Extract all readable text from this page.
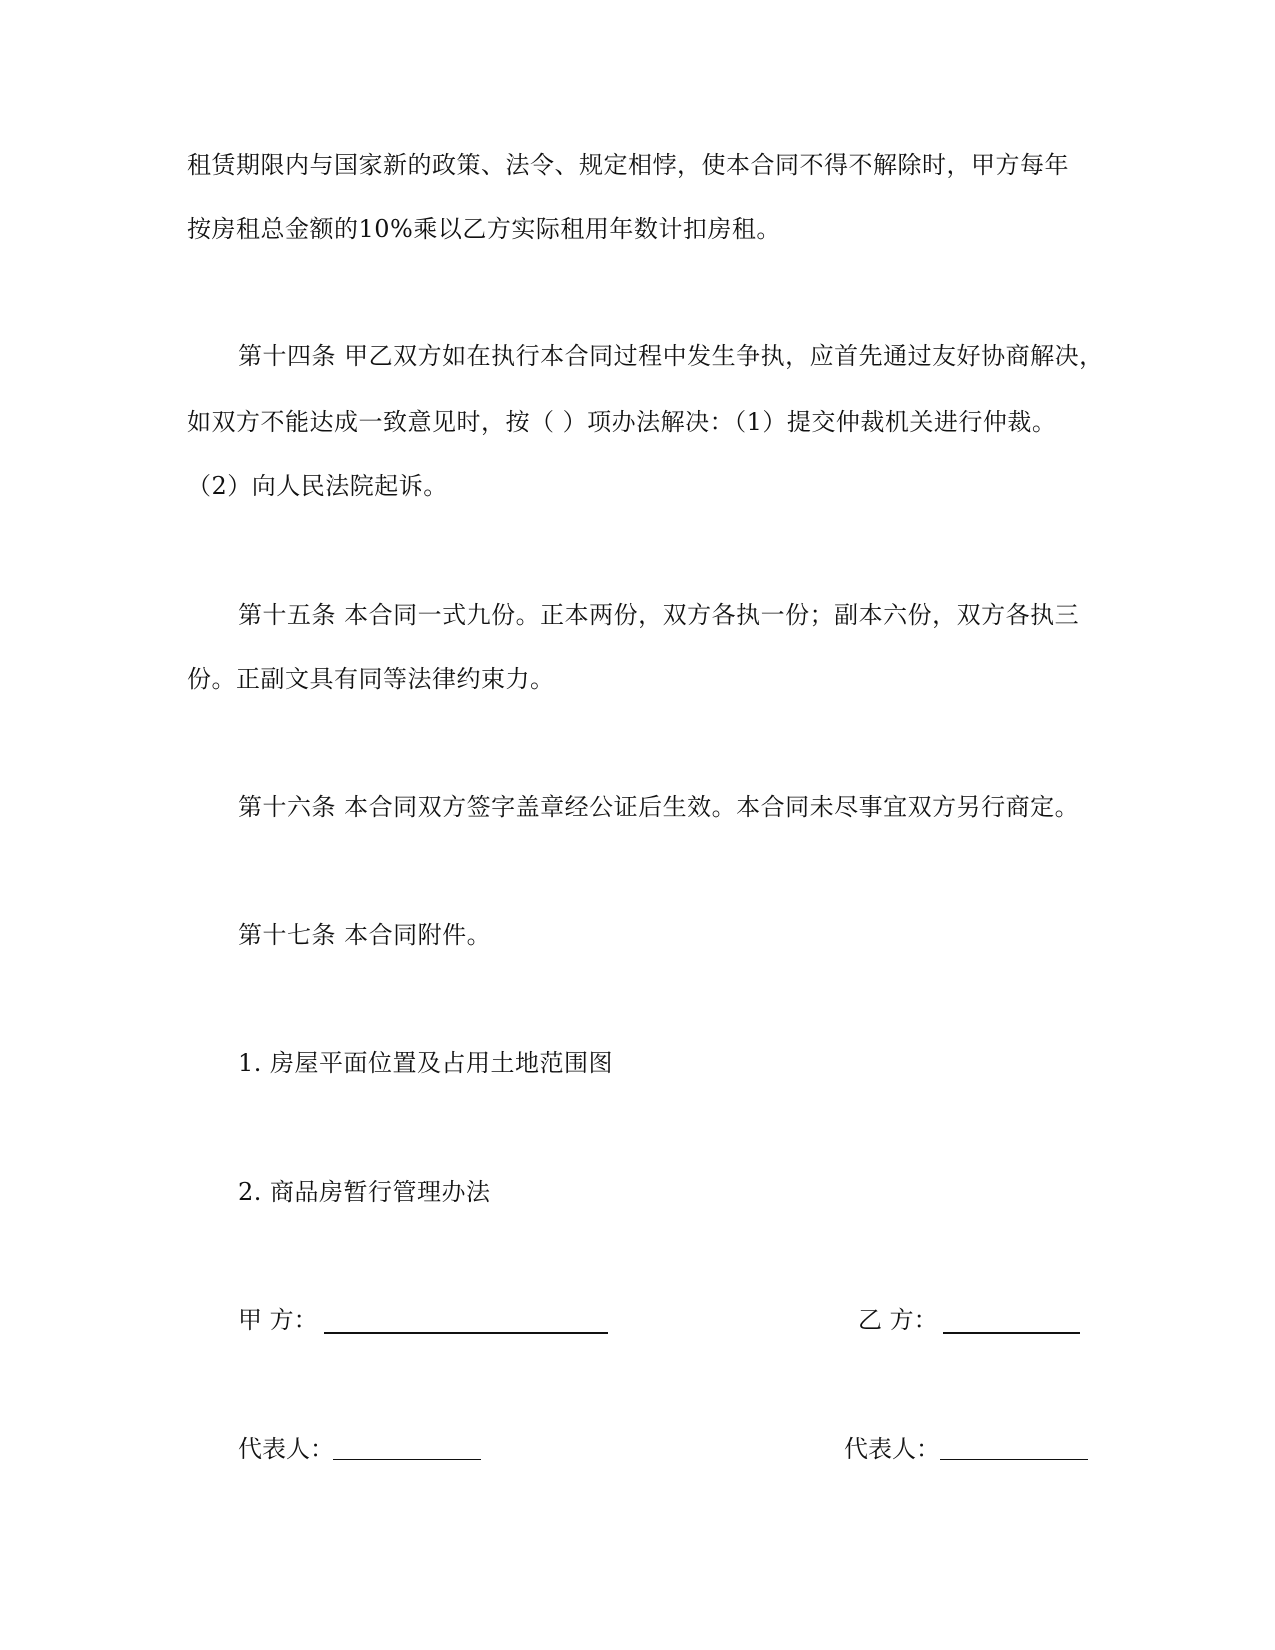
租赁期限内与国家新的政策、法令、规定相悖，使本合同不得不解除时，甲方每年
按房租总金额的10%乘以乙方实际租用年数计扣房租。
第十四条 甲乙双方如在执行本合同过程中发生争执，应首先通过友好协商解决，
如双方不能达成一致意见时，按（ ）项办法解决：（1）提交仲裁机关进行仲裁。
（2）向人民法院起诉。
第十五条 本合同一式九份。正本两份，双方各执一份；副本六份，双方各执三
份。正副文具有同等法律约束力。
第十六条 本合同双方签字盖章经公证后生效。本合同未尽事宜双方另行商定。
第十七条 本合同附件。
1. 房屋平面位置及占用土地范围图
2. 商品房暂行管理办法
甲 方：	乙 方：
代表人：	代表人：
